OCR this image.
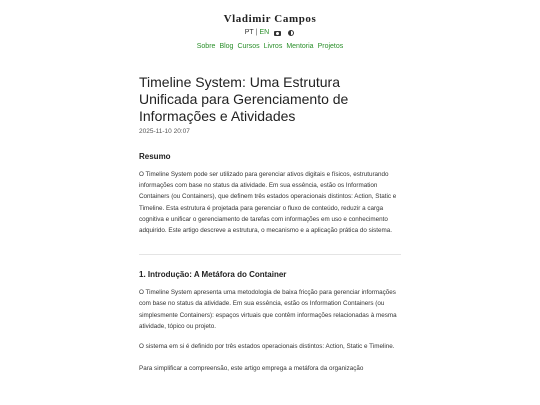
Vladimir Campos
PT | EN
Sobre Blog Cursos Livros Mentoria Projetos
Timeline System: Uma Estrutura Unificada para Gerenciamento de Informações e Atividades
2025-11-10 20:07
Resumo

O Timeline System pode ser utilizado para gerenciar ativos digitais e físicos, estruturando informações com base no status da atividade. Em sua essência, estão os Information Containers (ou Containers), que definem três estados operacionais distintos: Action, Static e Timeline. Esta estrutura é projetada para gerenciar o fluxo de conteúdo, reduzir a carga cognitiva e unificar o gerenciamento de tarefas com informações em uso e conhecimento adquirido. Este artigo descreve a estrutura, o mecanismo e a aplicação prática do sistema.

1. Introdução: A Metáfora do Container

O Timeline System apresenta uma metodologia de baixa fricção para gerenciar informações com base no status da atividade. Em sua essência, estão os Information Containers (ou simplesmente Containers): espaços virtuais que contêm informações relacionadas à mesma atividade, tópico ou projeto.

O sistema em si é definido por três estados operacionais distintos: Action, Static e Timeline.

Para simplificar a compreensão, este artigo emprega a metáfora da organização
